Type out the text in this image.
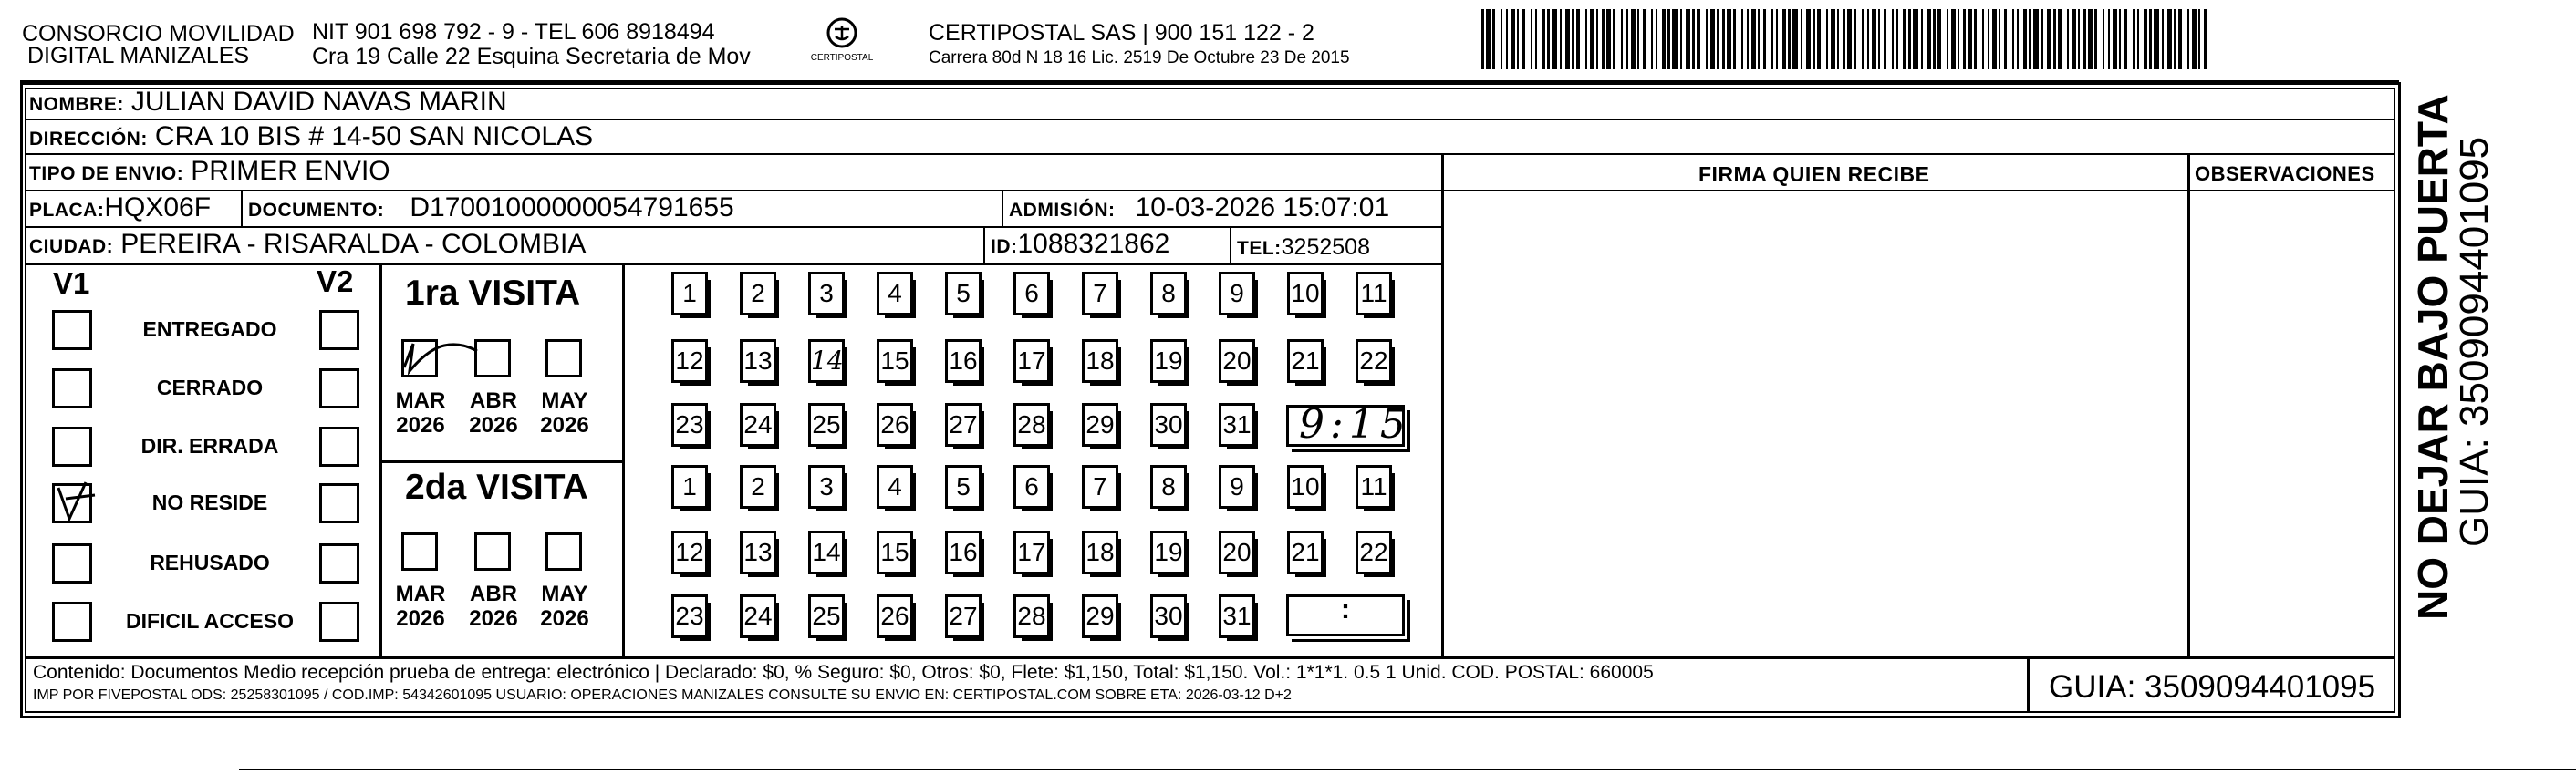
CONSORCIO MOVILIDAD
DIGITAL MANIZALES
NIT 901 698 792 - 9 - TEL 606 8918494
Cra 19 Calle 22 Esquina Secretaria de Mov	CERTIPOSTAL
CERTIPOSTAL SAS | 900 151 122 - 2
Carrera 80d N 18 16 Lic. 2519 De Octubre 23 De 2015
NOMBRE: JULIAN DAVID NAVAS MARIN
DIRECCIÓN: CRA 10 BIS # 14-50 SAN NICOLAS
TIPO DE ENVIO: PRIMER ENVIO	FIRMA QUIEN RECIBE	OBSERVACIONES
PLACA:HQX06F DOCUMENTO: D17001000000054791655	ADMISIÓN: 10-03-2026 15:07:01
CIUDAD: PEREIRA - RISARALDA - COLOMBIA	ID:1088321862	TEL:3252508
V1	V2
ENTREGADO
CERRADO
DIR. ERRADA
NO RESIDE
REHUSADO
DIFICIL ACCESO
1ra VISITA
2da VISITA
MAR
2026
ABR
2026
MAY
2026
MAR
2026
ABR
2026
MAY
2026
1	2	3	4	5	6	7	8	9	10 11
12 13 14 15 16 17 18 19 20 21 22
23 24 25 26 27 28 29 30 31
1	2	3	4	5	6	7	8	9	10 11
12 13 14 15 16 17 18 19 20 21 22
23 24 25 26 27 28 29 30 31
9:15
:
Contenido: Documentos Medio recepción prueba de entrega: electrónico | Declarado: $0, % Seguro: $0, Otros: $0, Flete: $1,150, Total: $1,150. Vol.: 1*1*1. 0.5 1 Unid. COD. POSTAL: 660005
IMP POR FIVEPOSTAL ODS: 25258301095 / COD.IMP: 54342601095 USUARIO: OPERACIONES MANIZALES CONSULTE SU ENVIO EN: CERTIPOSTAL.COM SOBRE ETA: 2026-03-12 D+2	GUIA: 3509094401095
NO DEJAR BAJO PUERTA
GUIA: 3509094401095
